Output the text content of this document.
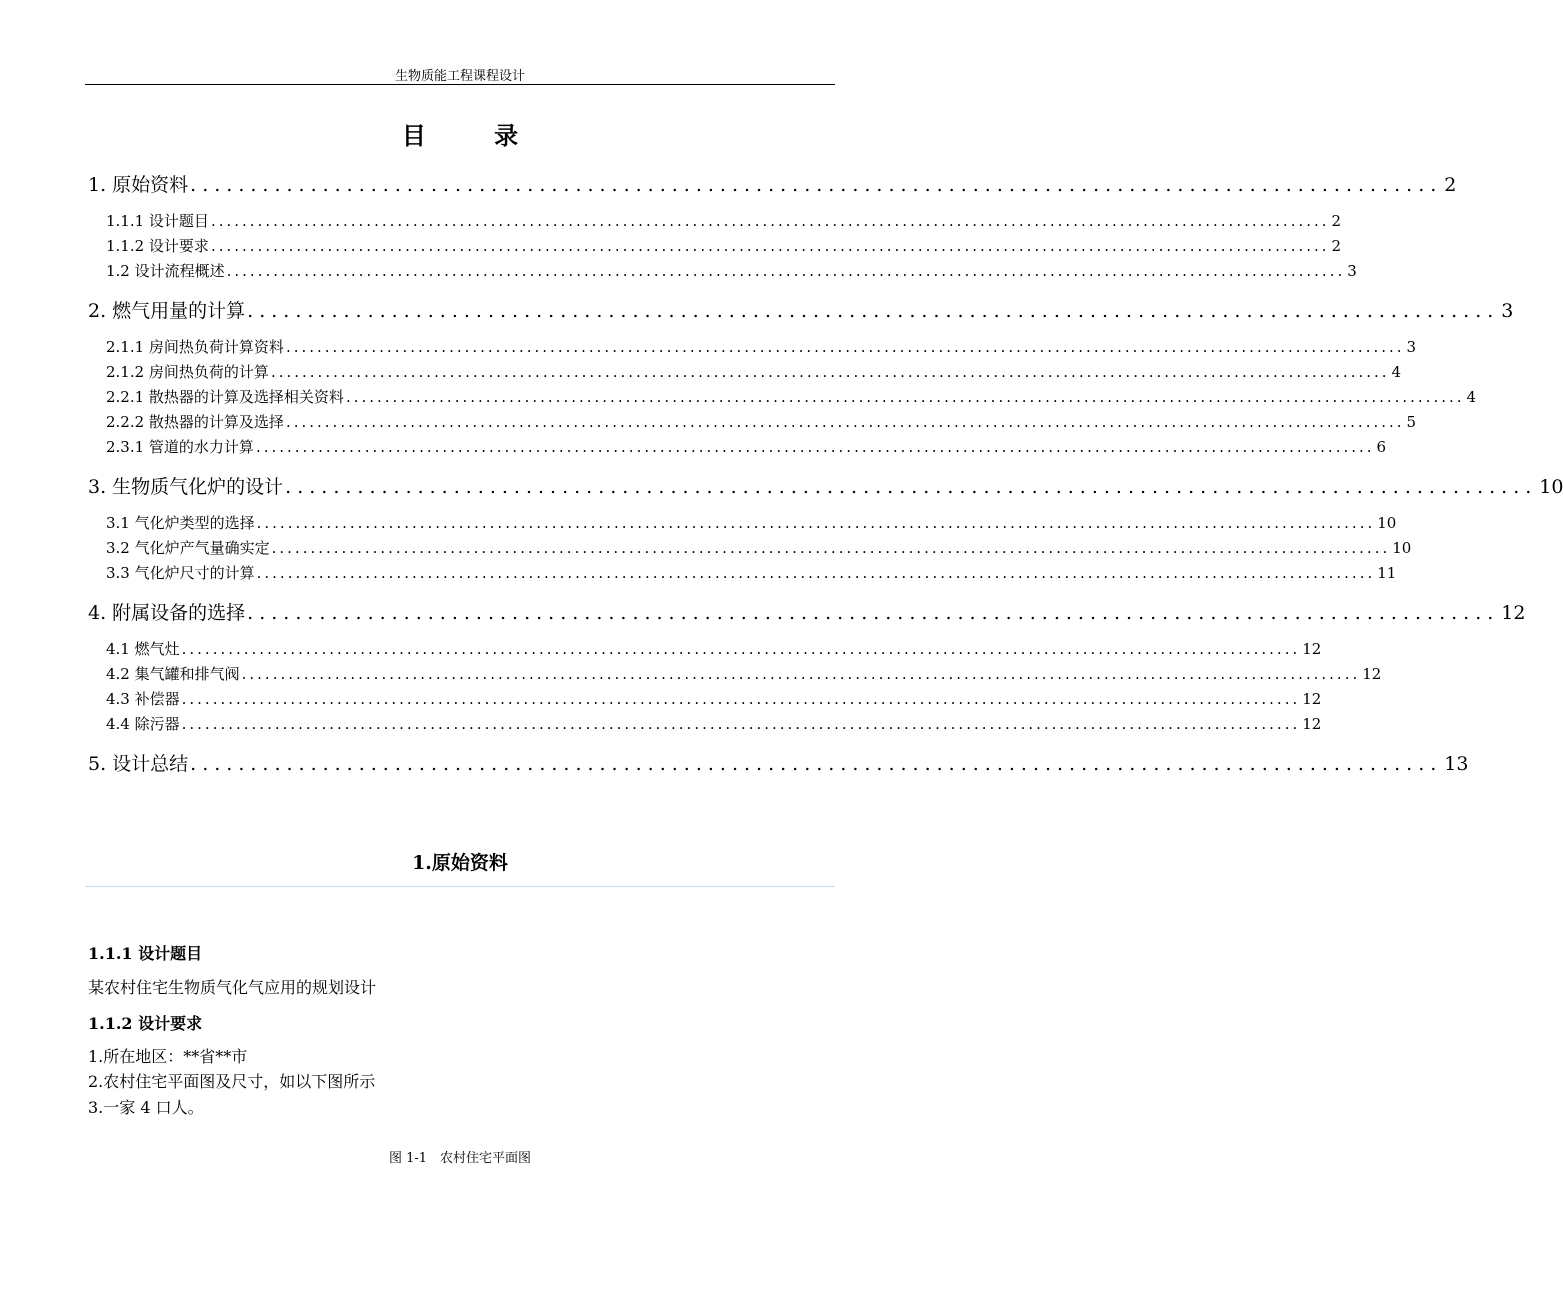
生物质能工程课程设计
目 录
1. 原始资料 ........................................................................................................ 2
1.1.1 设计题目 ................................................................................................................................................ 2
1.1.2 设计要求 ................................................................................................................................................ 2
1.2 设计流程概述 ................................................................................................................................................ 3
2. 燃气用量的计算 ........................................................................................................ 3
2.1.1 房间热负荷计算资料 ................................................................................................................................................ 3
2.1.2 房间热负荷的计算 ................................................................................................................................................ 4
2.2.1 散热器的计算及选择相关资料 ................................................................................................................................................ 4
2.2.2 散热器的计算及选择 ................................................................................................................................................ 5
2.3.1 管道的水力计算 ................................................................................................................................................ 6
3. 生物质气化炉的设计 ........................................................................................................ 10
3.1 气化炉类型的选择 ................................................................................................................................................ 10
3.2 气化炉产气量确实定 ................................................................................................................................................ 10
3.3 气化炉尺寸的计算 ................................................................................................................................................ 11
4. 附属设备的选择 ........................................................................................................ 12
4.1 燃气灶 ................................................................................................................................................ 12
4.2 集气罐和排气阀 ................................................................................................................................................ 12
4.3 补偿器 ................................................................................................................................................ 12
4.4 除污器 ................................................................................................................................................ 12
5. 设计总结 ........................................................................................................ 13
1.原始资料
1.1.1 设计题目
某农村住宅生物质气化气应用的规划设计
1.1.2 设计要求
1.所在地区：**省**市
2.农村住宅平面图及尺寸，如以下图所示
3.一家 4 口人。
图 1-1　农村住宅平面图
